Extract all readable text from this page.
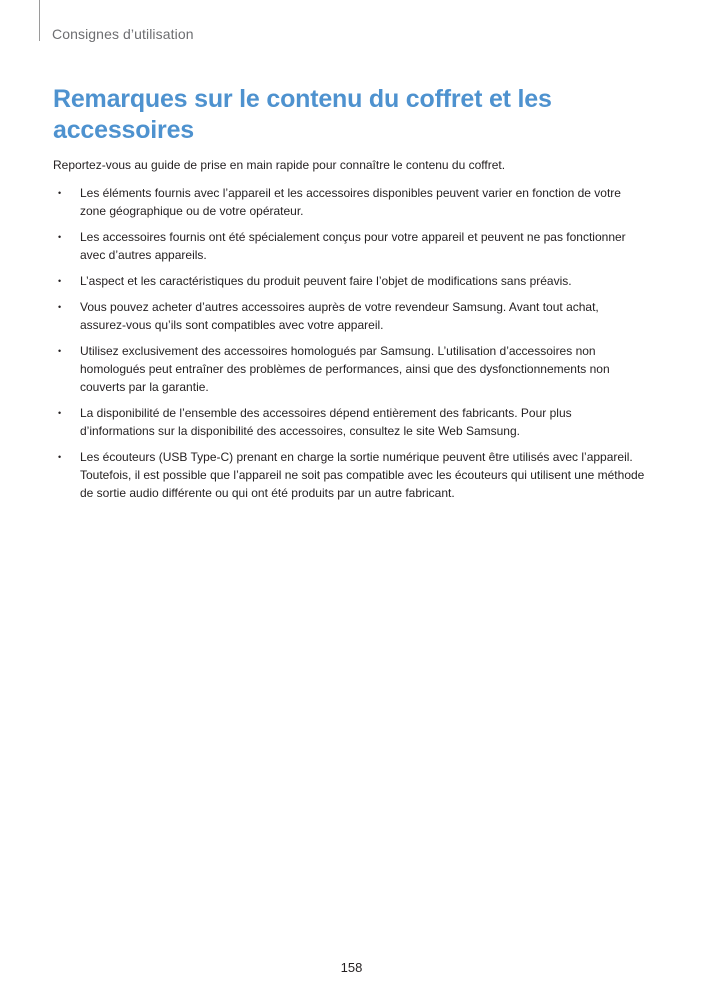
Consignes d’utilisation
Remarques sur le contenu du coffret et les accessoires

Reportez-vous au guide de prise en main rapide pour connaître le contenu du coffret.

• Les éléments fournis avec l’appareil et les accessoires disponibles peuvent varier en fonction de votre zone géographique ou de votre opérateur.
• Les accessoires fournis ont été spécialement conçus pour votre appareil et peuvent ne pas fonctionner avec d’autres appareils.
• L’aspect et les caractéristiques du produit peuvent faire l’objet de modifications sans préavis.
• Vous pouvez acheter d’autres accessoires auprès de votre revendeur Samsung. Avant tout achat, assurez-vous qu’ils sont compatibles avec votre appareil.
• Utilisez exclusivement des accessoires homologués par Samsung. L’utilisation d’accessoires non homologués peut entraîner des problèmes de performances, ainsi que des dysfonctionnements non couverts par la garantie.
• La disponibilité de l’ensemble des accessoires dépend entièrement des fabricants. Pour plus d’informations sur la disponibilité des accessoires, consultez le site Web Samsung.
• Les écouteurs (USB Type-C) prenant en charge la sortie numérique peuvent être utilisés avec l’appareil. Toutefois, il est possible que l’appareil ne soit pas compatible avec les écouteurs qui utilisent une méthode de sortie audio différente ou qui ont été produits par un autre fabricant.
158
